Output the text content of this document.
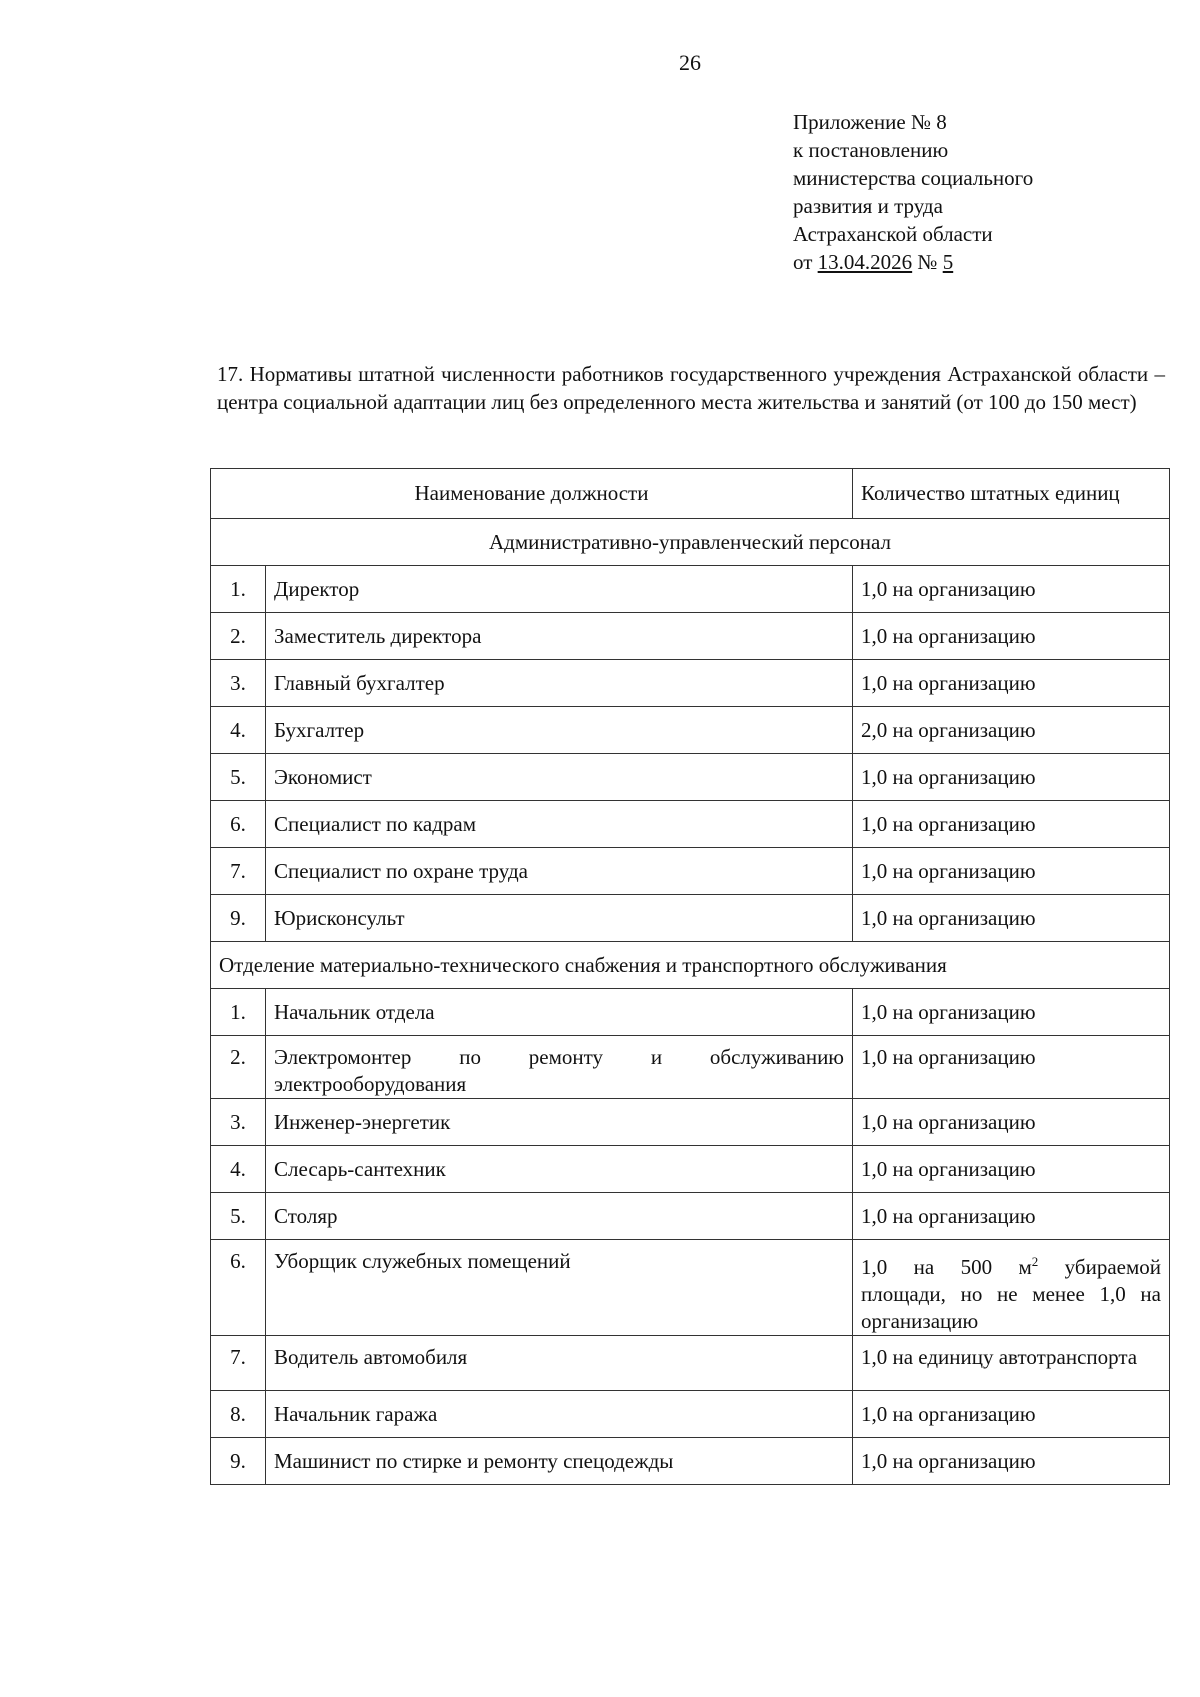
26
Приложение № 8
к постановлению
министерства социального
развития и труда
Астраханской области
от 13.04.2026 № 5
17. Нормативы штатной численности работников государственного учреждения Астраханской области – центра социальной адаптации лиц без определенного места жительства и занятий (от 100 до 150 мест)
Наименование должности		Количество штатных единиц
Административно-управленческий персонал		
1.	Директор	1,0 на организацию
2.	Заместитель директора	1,0 на организацию
3.	Главный бухгалтер	1,0 на организацию
4.	Бухгалтер	2,0 на организацию
5.	Экономист	1,0 на организацию
6.	Специалист по кадрам	1,0 на организацию
7.	Специалист по охране труда	1,0 на организацию
9.	Юрисконсульт	1,0 на организацию
Отделение материально-технического снабжения и транспортного обслуживания		
1.	Начальник отдела	1,0 на организацию
2.	Электромонтер по ремонту и обслуживанию электрооборудования	1,0 на организацию
3.	Инженер-энергетик	1,0 на организацию
4.	Слесарь-сантехник	1,0 на организацию
5.	Столяр	1,0 на организацию
6.	Уборщик служебных помещений	1,0 на 500 $м^2$ убираемой площади, но не менее 1,0 на организацию
7.	Водитель автомобиля	1,0 на единицу автотранспорта
8.	Начальник гаража	1,0 на организацию
9.	Машинист по стирке и ремонту спецодежды	1,0 на организацию
